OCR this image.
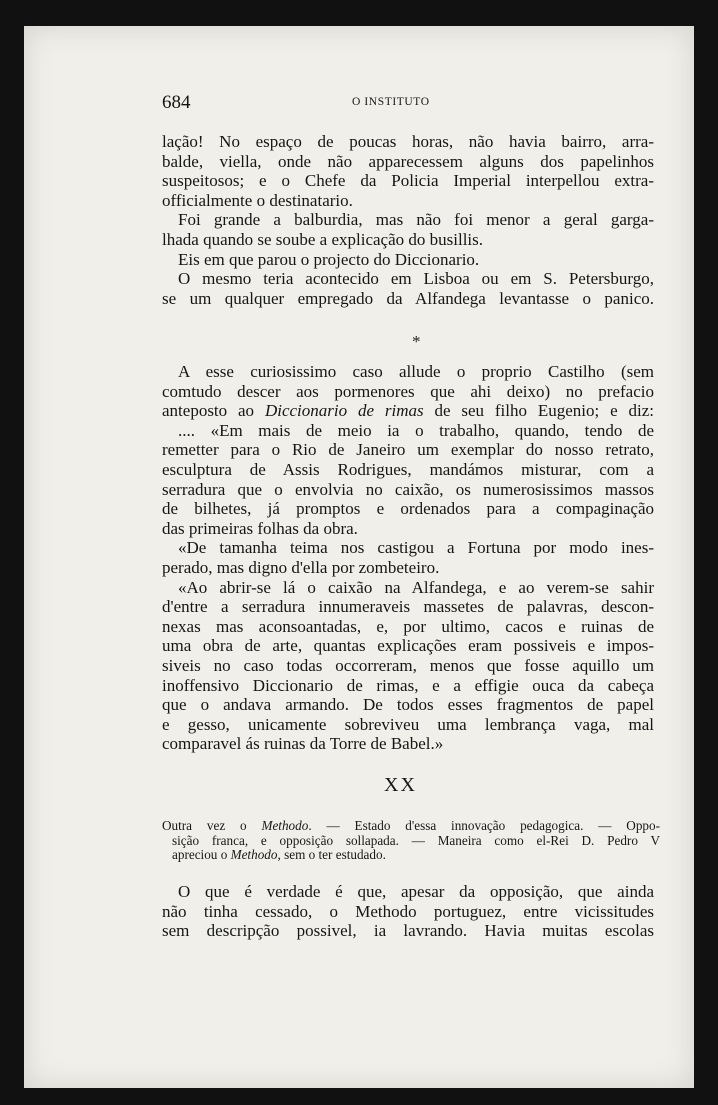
684	O INSTITUTO
lação! No espaço de poucas horas, não havia bairro, arra-
balde, viella, onde não apparecessem alguns dos papelinhos
suspeitosos; e o Chefe da Policia Imperial interpellou extra-
officialmente o destinatario.
Foi grande a balburdia, mas não foi menor a geral garga-
lhada quando se soube a explicação do busillis.
Eis em que parou o projecto do Diccionario.
O mesmo teria acontecido em Lisboa ou em S. Petersburgo,
se um qualquer empregado da Alfandega levantasse o panico.
*
A esse curiosissimo caso allude o proprio Castilho (sem
comtudo descer aos pormenores que ahi deixo) no prefacio
anteposto ao Diccionario de rimas de seu filho Eugenio; e diz:
.... «Em mais de meio ia o trabalho, quando, tendo de
remetter para o Rio de Janeiro um exemplar do nosso retrato,
esculptura de Assis Rodrigues, mandámos misturar, com a
serradura que o envolvia no caixão, os numerosissimos massos
de bilhetes, já promptos e ordenados para a compaginação
das primeiras folhas da obra.
«De tamanha teima nos castigou a Fortuna por modo ines-
perado, mas digno d'ella por zombeteiro.
«Ao abrir-se lá o caixão na Alfandega, e ao verem-se sahir
d'entre a serradura innumeraveis massetes de palavras, descon-
nexas mas aconsoantadas, e, por ultimo, cacos e ruinas de
uma obra de arte, quantas explicações eram possiveis e impos-
siveis no caso todas occorreram, menos que fosse aquillo um
inoffensivo Diccionario de rimas, e a effigie ouca da cabeça
que o andava armando. De todos esses fragmentos de papel
e gesso, unicamente sobreviveu uma lembrança vaga, mal
comparavel ás ruinas da Torre de Babel.»
XX
Outra vez o Methodo. — Estado d'essa innovação pedagogica. — Oppo-
sição franca, e opposição sollapada. — Maneira como el-Rei D. Pedro V
apreciou o Methodo, sem o ter estudado.
O que é verdade é que, apesar da opposição, que ainda
não tinha cessado, o Methodo portuguez, entre vicissitudes
sem descripção possivel, ia lavrando. Havia muitas escolas
